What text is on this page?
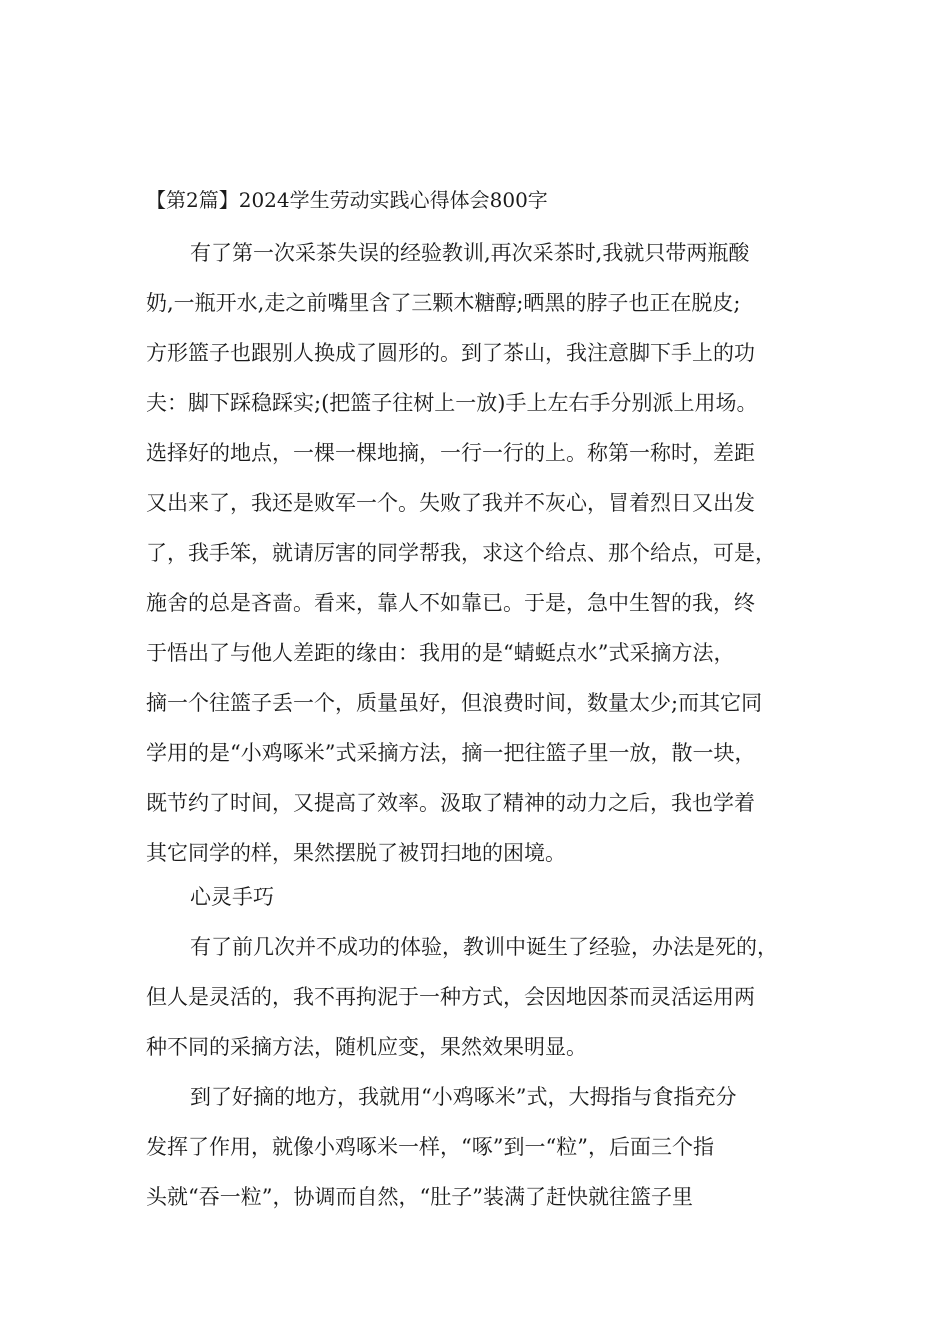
【第2篇】2024学生劳动实践心得体会800字
有了第一次采茶失误的经验教训,再次采茶时,我就只带两瓶酸
奶,一瓶开水,走之前嘴里含了三颗木糖醇;晒黑的脖子也正在脱皮;
方形篮子也跟别人换成了圆形的。到了茶山，我注意脚下手上的功
夫：脚下踩稳踩实;(把篮子往树上一放)手上左右手分别派上用场。
选择好的地点，一棵一棵地摘，一行一行的上。称第一称时，差距
又出来了，我还是败军一个。失败了我并不灰心，冒着烈日又出发
了，我手笨，就请厉害的同学帮我，求这个给点、那个给点，可是，
施舍的总是吝啬。看来，靠人不如靠已。于是，急中生智的我，终
于悟出了与他人差距的缘由：我用的是“蜻蜓点水”式采摘方法，
摘一个往篮子丢一个，质量虽好，但浪费时间，数量太少;而其它同
学用的是“小鸡啄米”式采摘方法，摘一把往篮子里一放，散一块，
既节约了时间，又提高了效率。汲取了精神的动力之后，我也学着
其它同学的样，果然摆脱了被罚扫地的困境。
心灵手巧
有了前几次并不成功的体验，教训中诞生了经验，办法是死的，
但人是灵活的，我不再拘泥于一种方式，会因地因茶而灵活运用两
种不同的采摘方法，随机应变，果然效果明显。
到了好摘的地方，我就用“小鸡啄米”式，大拇指与食指充分
发挥了作用，就像小鸡啄米一样，“啄”到一“粒”，后面三个指
头就“吞一粒”，协调而自然，“肚子”装满了赶快就往篮子里
